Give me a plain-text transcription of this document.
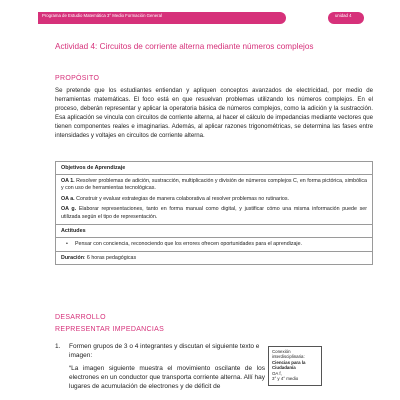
Programa de Estudio Matemática 3° Medio Formación General	unidad 4
Actividad 4: Circuitos de corriente alterna mediante números complejos
PROPÓSITO
Se pretende que los estudiantes entiendan y apliquen conceptos avanzados de electricidad, por medio de herramientas matemáticas. El foco está en que resuelvan problemas utilizando los números complejos. En el proceso, deberán representar y aplicar la operatoria básica de números complejos, como la adición y la sustracción. Esa aplicación se vincula con circuitos de corriente alterna, al hacer el cálculo de impedancias mediante vectores que tienen componentes reales e imaginarias. Además, al aplicar razones trigonométricas, se determina las fases entre intensidades y voltajes en circuitos de corriente alterna.
Objetivos de Aprendizaje
OA 1. Resolver problemas de adición, sustracción, multiplicación y división de números complejos C, en forma pictórica, simbólica y con uso de herramientas tecnológicas.
OA a. Construir y evaluar estrategias de manera colaborativa al resolver problemas no rutinarios.
OA g. Elaborar representaciones, tanto en forma manual como digital, y justificar cómo una misma información puede ser utilizada según el tipo de representación.
Actitudes
• Pensar con conciencia, reconociendo que los errores ofrecen oportunidades para el aprendizaje.
Duración: 6 horas pedagógicas
DESARROLLO
REPRESENTAR IMPEDANCIAS
1.	Formen grupos de 3 o 4 integrantes y discutan el siguiente texto e imagen:
“La imagen siguiente muestra el movimiento oscilante de los electrones en un conductor que transporta corriente alterna. Allí hay lugares de acumulación de electrones y de déficit de
Conexión interdisciplinaria:
Ciencias para la Ciudadanía
OA f,
3° y 4° medio
